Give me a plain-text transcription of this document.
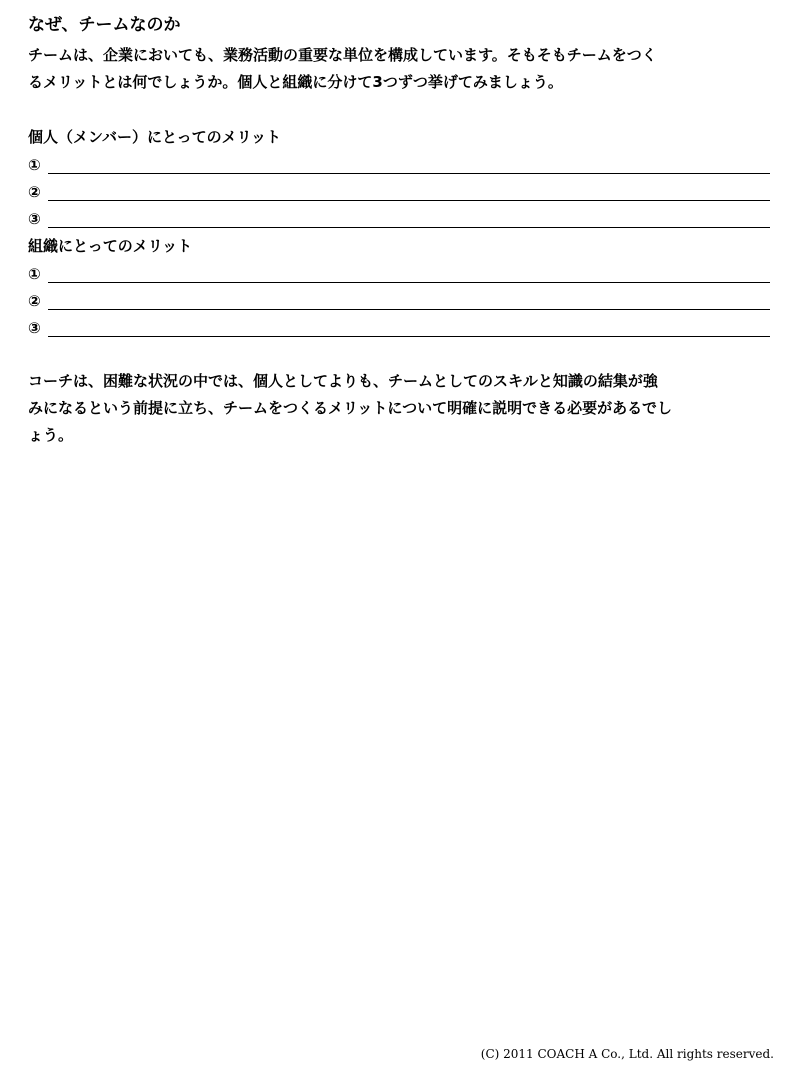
なぜ、チームなのか
チームは、企業においても、業務活動の重要な単位を構成しています。そもそもチームをつく
るメリットとは何でしょうか。個人と組織に分けて3つずつ挙げてみましょう。
個人（メンバー）にとってのメリット
①
②
③
組織にとってのメリット
①
②
③
コーチは、困難な状況の中では、個人としてよりも、チームとしてのスキルと知識の結集が強
みになるという前提に立ち、チームをつくるメリットについて明確に説明できる必要があるでし
ょう。
(C) 2011 COACH A Co., Ltd. All rights reserved.
